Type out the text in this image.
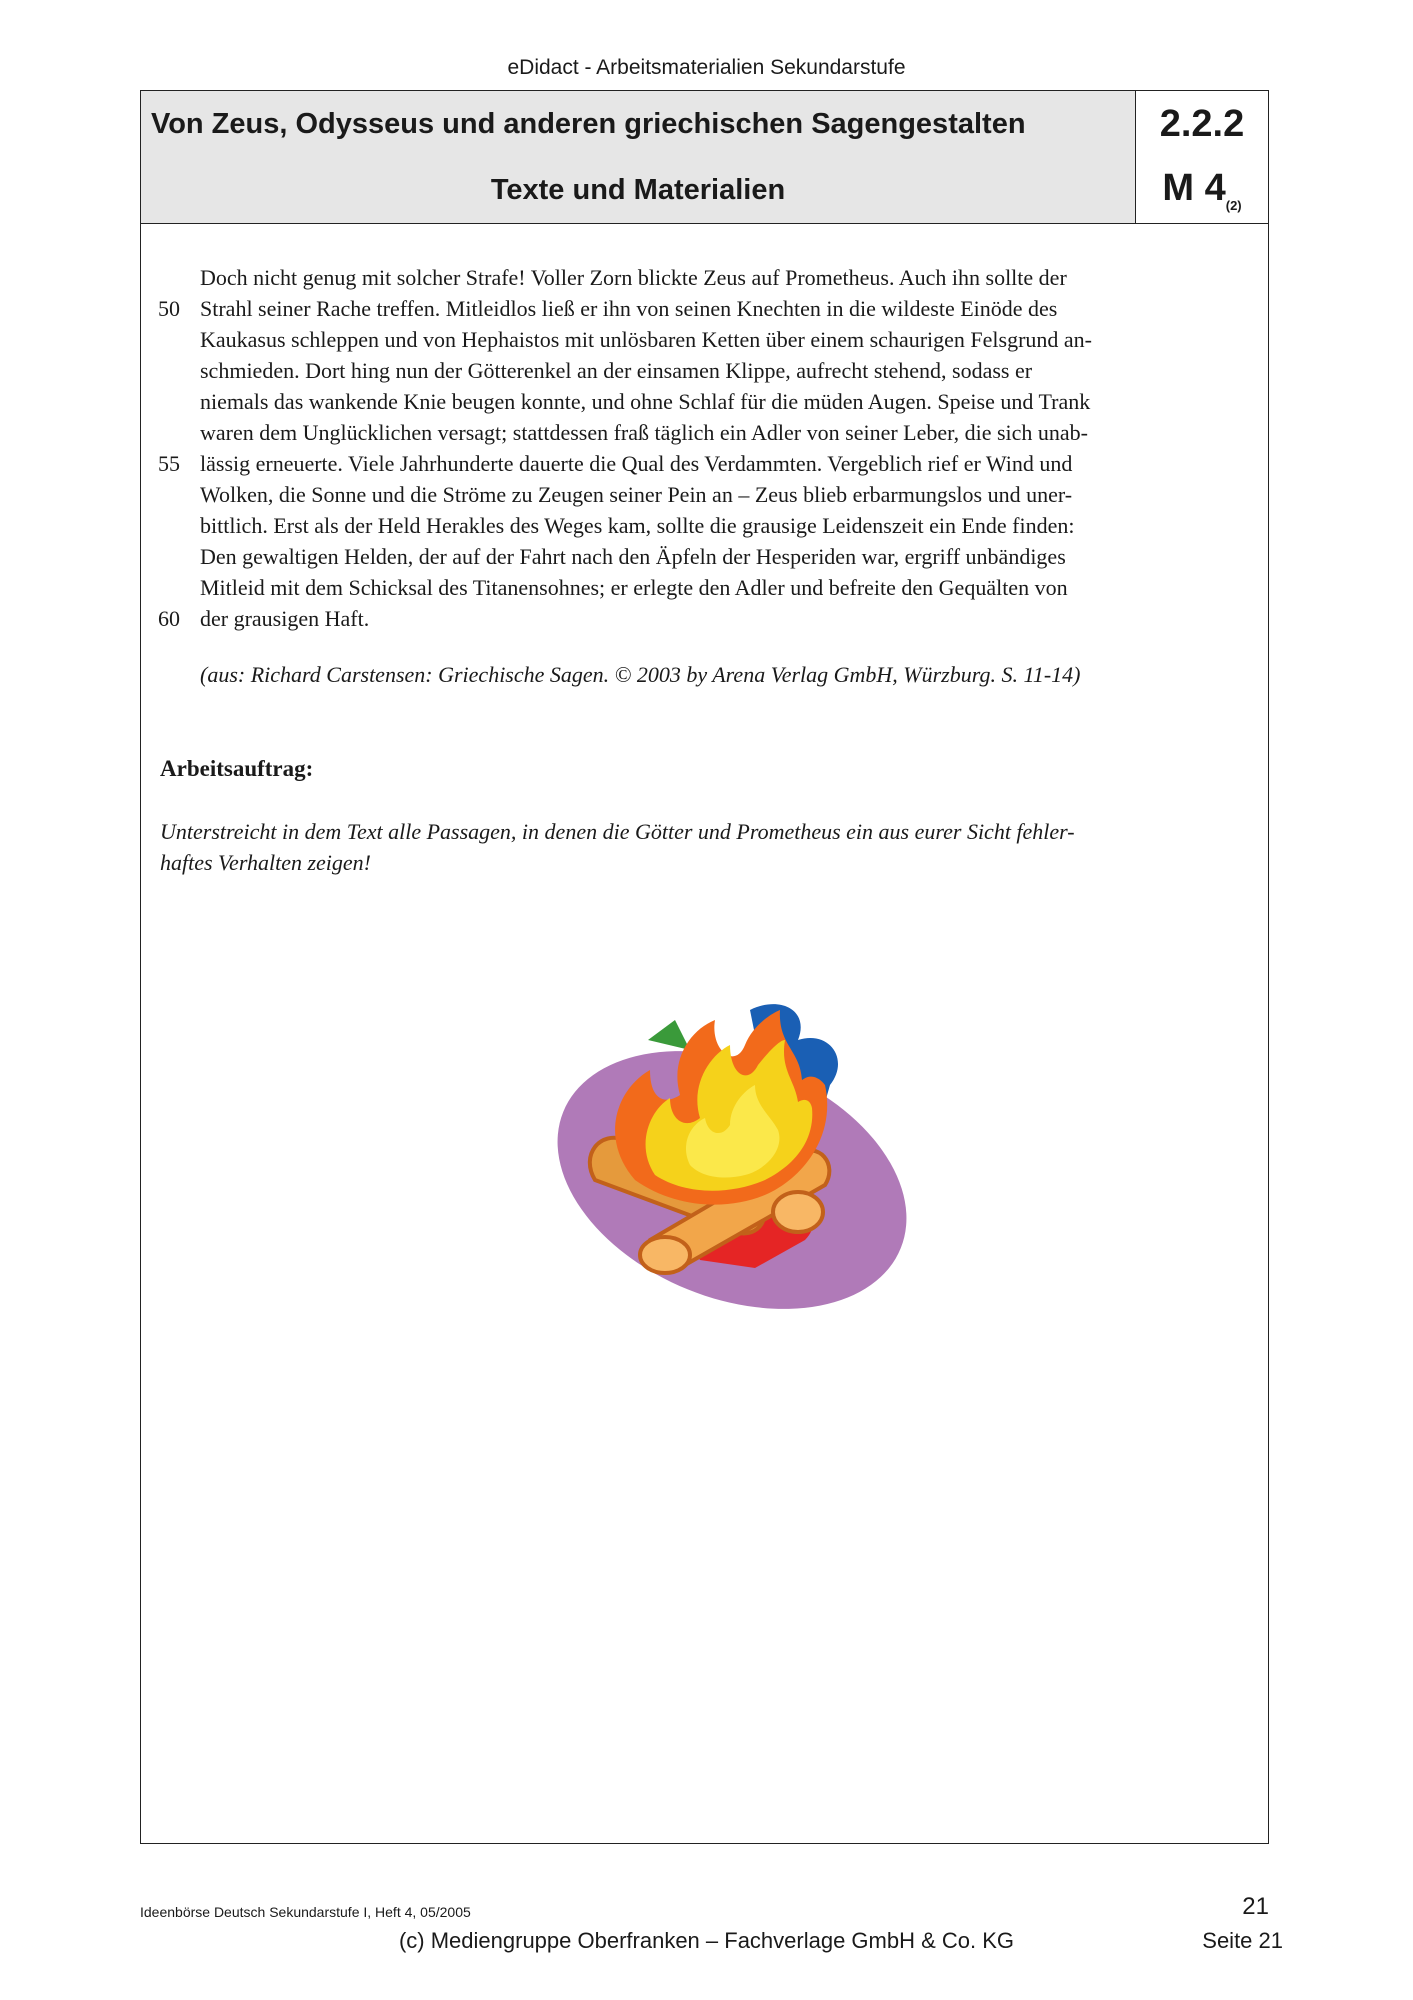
eDidact - Arbeitsmaterialien Sekundarstufe
Von Zeus, Odysseus und anderen griechischen Sagengestalten	2.2.2
Texte und Materialien	M $4_{(2)}$
Doch nicht genug mit solcher Strafe! Voller Zorn blickte Zeus auf Prometheus. Auch ihn sollte der
50 Strahl seiner Rache treffen. Mitleidlos ließ er ihn von seinen Knechten in die wildeste Einöde des
Kaukasus schleppen und von Hephaistos mit unlösbaren Ketten über einem schaurigen Felsgrund an-
schmieden. Dort hing nun der Götterenkel an der einsamen Klippe, aufrecht stehend, sodass er
niemals das wankende Knie beugen konnte, und ohne Schlaf für die müden Augen. Speise und Trank
waren dem Unglücklichen versagt; stattdessen fraß täglich ein Adler von seiner Leber, die sich unab-
55 lässig erneuerte. Viele Jahrhunderte dauerte die Qual des Verdammten. Vergeblich rief er Wind und
Wolken, die Sonne und die Ströme zu Zeugen seiner Pein an – Zeus blieb erbarmungslos und uner-
bittlich. Erst als der Held Herakles des Weges kam, sollte die grausige Leidenszeit ein Ende finden:
Den gewaltigen Helden, der auf der Fahrt nach den Äpfeln der Hesperiden war, ergriff unbändiges
Mitleid mit dem Schicksal des Titanensohnes; er erlegte den Adler und befreite den Gequälten von
60 der grausigen Haft.
(aus: Richard Carstensen: Griechische Sagen. © 2003 by Arena Verlag GmbH, Würzburg. S. 11-14)
Arbeitsauftrag:
Unterstreicht in dem Text alle Passagen, in denen die Götter und Prometheus ein aus eurer Sicht fehler-
haftes Verhalten zeigen!
Ideenbörse Deutsch Sekundarstufe I, Heft 4, 05/2005	21
(c) Mediengruppe Oberfranken – Fachverlage GmbH & Co. KG	Seite 21
